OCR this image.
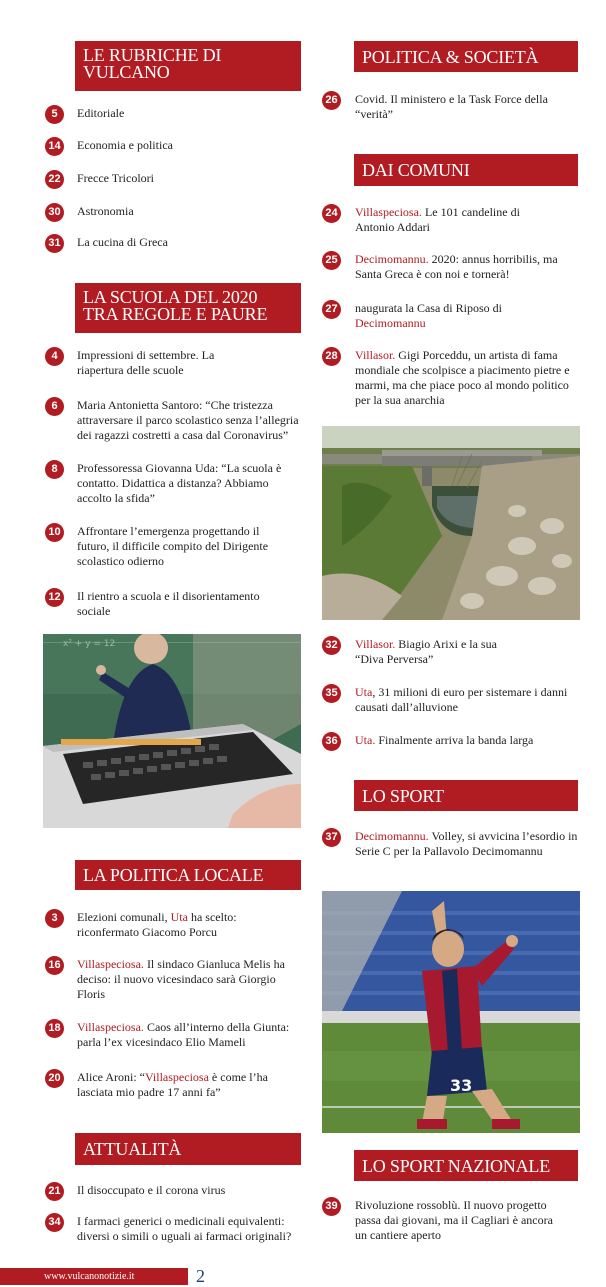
LE RUBRICHE DI VULCANO
5	Editoriale
14 Economia e politica
22 Frecce Tricolori
30 Astronomia
31 La cucina di Greca
LA SCUOLA DEL 2020 TRA REGOLE E PAURE
4	Impressioni di settembre. La riapertura delle scuole
6	Maria Antonietta Santoro: “Che tristezza attraversare il parco scolastico senza l’allegria dei ragazzi costretti a casa dal Coronavirus”
8	Professoressa Giovanna Uda: “La scuola è contatto. Didattica a distanza? Abbiamo accolto la sfida”
10 Affrontare l’emergenza progettando il futuro, il difficile compito del Dirigente scolastico odierno
12 Il rientro a scuola e il disorientamento sociale
x² + y = 12
LA POLITICA LOCALE
3	Elezioni comunali, Uta ha scelto: riconfermato Giacomo Porcu
16 Villaspeciosa. Il sindaco Gianluca Melis ha deciso: il nuovo vicesindaco sarà Giorgio Floris
18 Villaspeciosa. Caos all’interno della Giunta: parla l’ex vicesindaco Elio Mameli
20 Alice Aroni: “Villaspeciosa è come l’ha lasciata mio padre 17 anni fa”
ATTUALITÀ
21 Il disoccupato e il corona virus
34 I farmaci generici o medicinali equivalenti: diversi o simili o uguali ai farmaci originali?
POLITICA & SOCIETÀ
26 Covid. Il ministero e la Task Force della “verità”
DAI COMUNI
24 Villaspeciosa. Le 101 candeline di Antonio Addari
25 Decimomannu. 2020: annus horribilis, ma Santa Greca è con noi e tornerà!
27 naugurata la Casa di Riposo di Decimomannu
28 Villasor. Gigi Porceddu, un artista di fama mondiale che scolpisce a piacimento pietre e marmi, ma che piace poco al mondo politico per la sua anarchia
32 Villasor. Biagio Arixi e la sua “Diva Perversa”
35 Uta, 31 milioni di euro per sistemare i danni causati dall’alluvione
36 Uta. Finalmente arriva la banda larga
LO SPORT
37 Decimomannu. Volley, si avvicina l’esordio in Serie C per la Pallavolo Decimomannu
33
LO SPORT NAZIONALE
39 Rivoluzione rossoblù. Il nuovo progetto passa dai giovani, ma il Cagliari è ancora un cantiere aperto
www.vulcanonotizie.it	2
